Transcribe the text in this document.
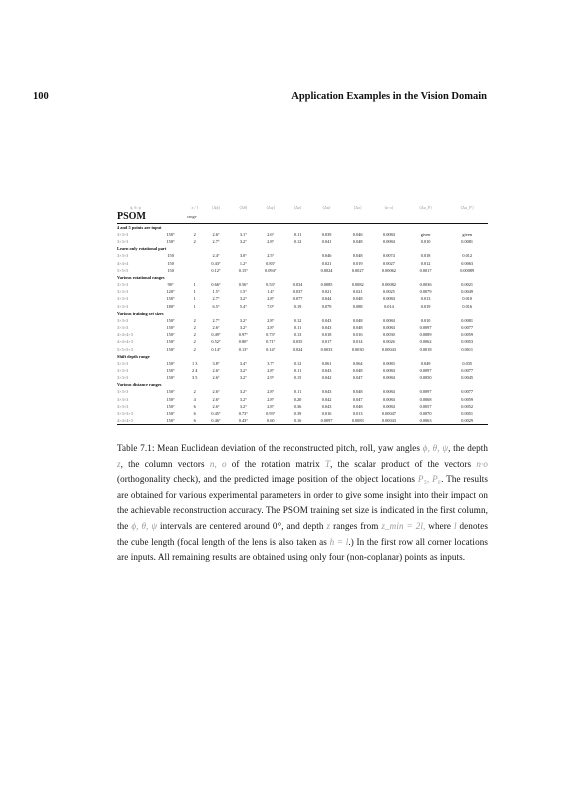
100	Application Examples in the Vision Domain
ϕ, θ, ψ		z / l	⟨Δϕ⟩	⟨Δθ⟩	⟨Δψ⟩	⟨Δz⟩	⟨Δn⟩	⟨Δo⟩	⟨n·o⟩	⟨Δu_P⟩	⟨Δu_P'⟩
PSOM		range									
4 and 5 points are input											
3×3×3	150°	2	2.6°	3.1°	2.6°	0.11	0.039	0.046	0.0084	given	given
3×3×3	150°	2	2.7°	3.2°	2.8°	0.12	0.041	0.048	0.0084	0.010	0.0081
Learn only rotational part											
3×3×3	150		2.4°	3.0°	2.5°		0.046	0.048	0.0074	0.018	0.012
4×4×4	150		0.43°	1.2°	0.83°		0.021	0.019	0.0027	0.012	0.0063
5×5×5	150		0.12°	0.15°	0.094°		0.0024	0.0027	0.00062	0.0017	0.00089
Various rotational ranges											
3×3×3	90°	1	0.66°	0.56°	0.53°	0.034	0.0085	0.0082	0.00082	0.0036	0.0021
3×3×3	120°	1	1.5°	1.5°	1.4°	0.037	0.021	0.021	0.0025	0.0079	0.0049
3×3×3	150°	1	2.7°	3.2°	2.8°	0.077	0.044	0.048	0.0084	0.013	0.010
3×3×3	180°	1	6.5°	5.4°	7.0°	0.19	0.079	0.088	0.014	0.019	0.016
Various training set sizes											
3×3×3	150°	2	2.7°	3.2°	2.8°	0.12	0.043	0.048	0.0084	0.010	0.0081
3×3×3	150°	2	2.6°	3.2°	2.8°	0.11	0.043	0.048	0.0084	0.0097	0.0077
4×4×4×3	150°	2	0.49°	0.97°	0.73°	0.13	0.018	0.016	0.0030	0.0089	0.0059
4×4×4×3	150°	2	0.52°	0.80°	0.71°	0.035	0.017	0.014	0.0026	0.0062	0.0053
5×5×5×3	150°	2	0.14°	0.13°	0.14°	0.024	0.0033	0.0030	0.00043	0.0018	0.0011
Shift depth range											
3×3×3	150°	1 3	3.8°	3.4°	3.7°	0.12	0.061	0.064	0.0083	0.049	0.035
3×3×3	150°	2 4	2.6°	3.2°	2.8°	0.11	0.043	0.048	0.0084	0.0097	0.0077
3×3×3	150°	3 5	2.6°	3.2°	2.9°	0.15	0.042	0.047	0.0084	0.0050	0.0045
Various distance ranges											
3×3×3	150°	2	2.6°	3.2°	2.8°	0.11	0.043	0.048	0.0084	0.0097	0.0077
3×3×3	150°	4	2.6°	3.2°	2.8°	0.20	0.042	0.047	0.0084	0.0068	0.0059
3×3×3	150°	6	2.6°	3.2°	2.8°	0.36	0.043	0.048	0.0084	0.0057	0.0052
3×3×3×3	150°	6	0.45°	0.73°	0.93°	0.39	0.016	0.013	0.00047	0.0070	0.0051
4×4×4×3	150°	6	0.46°	0.43°	0.60	0.16	0.0097	0.0083	0.00043	0.0063	0.0029
Table 7.1: Mean Euclidean deviation of the reconstructed pitch, roll, yaw angles ϕ, θ, ψ, the depth z, the column vectors n, o of the rotation matrix T, the scalar product of the vectors n·o (orthogonality check), and the predicted image position of the object locations P₅, P₆. The results are obtained for various experimental parameters in order to give some insight into their impact on the achievable reconstruction accuracy. The PSOM training set size is indicated in the first column, the ϕ, θ, ψ intervals are centered around 0°, and depth z ranges from z_min = 2l, where l denotes the cube length (focal length of the lens is also taken as h = l.) In the first row all corner locations are inputs. All remaining results are obtained using only four (non-coplanar) points as inputs.
